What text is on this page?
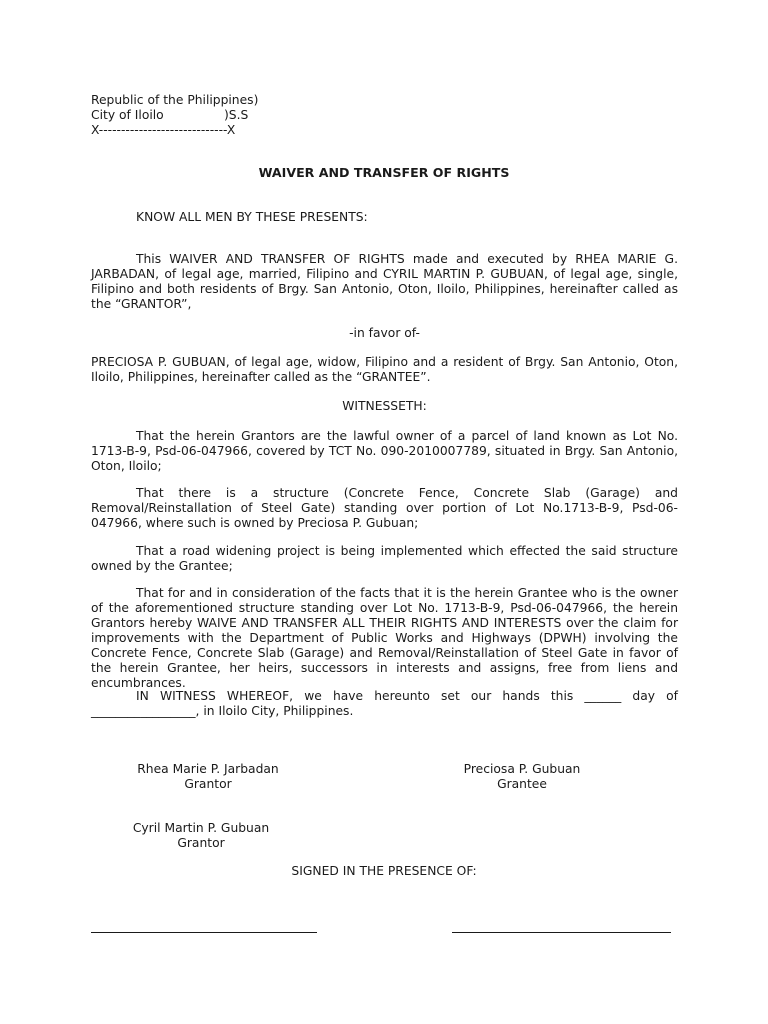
Republic of the Philippines)

City of Iloilo	)S.S

X-----------------------------X

WAIVER AND TRANSFER OF RIGHTS

KNOW ALL MEN BY THESE PRESENTS:

This WAIVER AND TRANSFER OF RIGHTS made and executed by RHEA MARIE G. JARBADAN, of legal age, married, Filipino and CYRIL MARTIN P. GUBUAN, of legal age, single, Filipino and both residents of Brgy. San Antonio, Oton, Iloilo, Philippines, hereinafter called as the “GRANTOR”,

-in favor of-

PRECIOSA P. GUBUAN, of legal age, widow, Filipino and a resident of Brgy. San Antonio, Oton, Iloilo, Philippines, hereinafter called as the “GRANTEE”.

WITNESSETH:

That the herein Grantors are the lawful owner of a parcel of land known as Lot No. 1713-B-9, Psd-06-047966, covered by TCT No. 090-2010007789, situated in Brgy. San Antonio, Oton, Iloilo;

That there is a structure (Concrete Fence, Concrete Slab (Garage) and Removal/Reinstallation of Steel Gate) standing over portion of Lot No.1713-B-9, Psd-06-047966, where such is owned by Preciosa P. Gubuan;

That a road widening project is being implemented which effected the said structure owned by the Grantee;

That for and in consideration of the facts that it is the herein Grantee who is the owner of the aforementioned structure standing over Lot No. 1713-B-9, Psd-06-047966, the herein Grantors hereby WAIVE AND TRANSFER ALL THEIR RIGHTS AND INTERESTS over the claim for improvements with the Department of Public Works and Highways (DPWH) involving the Concrete Fence, Concrete Slab (Garage) and Removal/Reinstallation of Steel Gate in favor of the herein Grantee, her heirs, successors in interests and assigns, free from liens and encumbrances.

IN WITNESS WHEREOF, we have hereunto set our hands this ______ day of _________________, in Iloilo City, Philippines.

Rhea Marie P. Jarbadan
Grantor
Preciosa P. Gubuan
Grantee
Cyril Martin P. Gubuan
Grantor

SIGNED IN THE PRESENCE OF:
